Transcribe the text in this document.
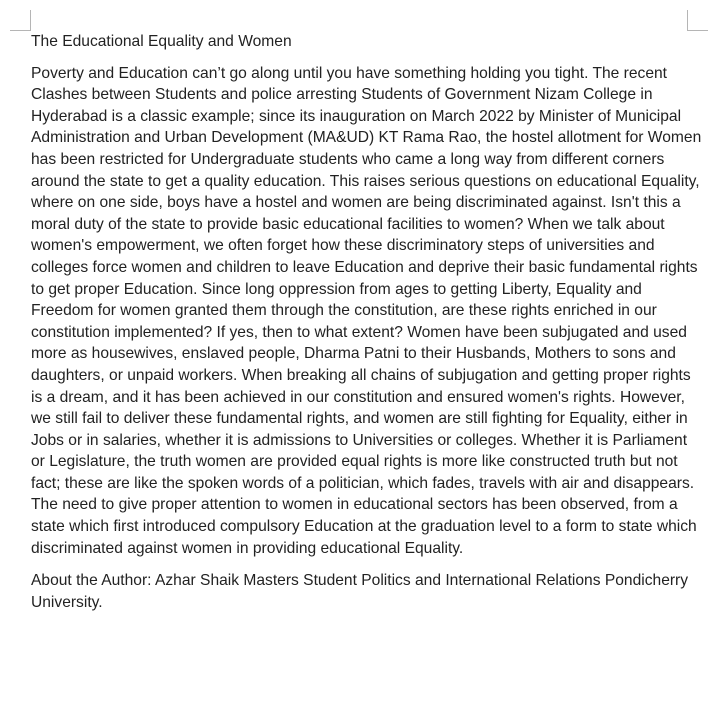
The Educational Equality and Women

Poverty and Education can’t go along until you have something holding you tight. The recent Clashes between Students and police arresting Students of Government Nizam College in Hyderabad is a classic example; since its inauguration on March 2022 by Minister of Municipal Administration and Urban Development (MA&UD) KT Rama Rao, the hostel allotment for Women has been restricted for Undergraduate students who came a long way from different corners around the state to get a quality education. This raises serious questions on educational Equality, where on one side, boys have a hostel and women are being discriminated against. Isn't this a moral duty of the state to provide basic educational facilities to women? When we talk about women's empowerment, we often forget how these discriminatory steps of universities and colleges force women and children to leave Education and deprive their basic fundamental rights to get proper Education. Since long oppression from ages to getting Liberty, Equality and Freedom for women granted them through the constitution, are these rights enriched in our constitution implemented? If yes, then to what extent? Women have been subjugated and used more as housewives, enslaved people, Dharma Patni to their Husbands, Mothers to sons and daughters, or unpaid workers. When breaking all chains of subjugation and getting proper rights is a dream, and it has been achieved in our constitution and ensured women's rights. However, we still fail to deliver these fundamental rights, and women are still fighting for Equality, either in Jobs or in salaries, whether it is admissions to Universities or colleges. Whether it is Parliament or Legislature, the truth women are provided equal rights is more like constructed truth but not fact; these are like the spoken words of a politician, which fades, travels with air and disappears. The need to give proper attention to women in educational sectors has been observed, from a state which first introduced compulsory Education at the graduation level to a form to state which discriminated against women in providing educational Equality.

About the Author: Azhar Shaik Masters Student Politics and International Relations Pondicherry University.
